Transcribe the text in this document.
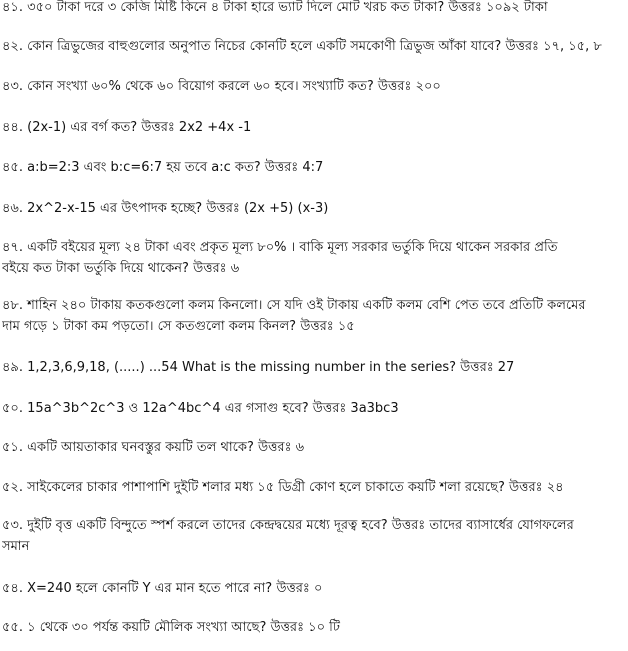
৪১. ৩৫০ টাকা দরে ৩ কেজি মিষ্টি কিনে ৪ টাকা হারে ভ্যাট দিলে মোট খরচ কত টাকা? উত্তরঃ ১০৯২ টাকা
৪২. কোন ত্রিভুজের বাহুগুলোর অনুপাত নিচের কোনটি হলে একটি সমকোণী ত্রিভুজ আঁকা যাবে? উত্তরঃ ১৭, ১৫, ৮
৪৩. কোন সংখ্যা ৬০% থেকে ৬০ বিয়োগ করলে ৬০ হবে। সংখ্যাটি কত? উত্তরঃ ২০০
৪৪. (2x-1) এর বর্গ কত? উত্তরঃ 2x2 +4x -1
৪৫. a:b=2:3 এবং b:c=6:7 হয় তবে a:c কত? উত্তরঃ 4:7
৪৬. 2x^2-x-15 এর উৎপাদক হচ্ছে? উত্তরঃ (2x +5) (x-3)
৪৭. একটি বইয়ের মূল্য ২৪ টাকা এবং প্রকৃত মূল্য ৮০% । বাকি মূল্য সরকার ভর্তুকি দিয়ে থাকেন সরকার প্রতি
বইয়ে কত টাকা ভর্তুকি দিয়ে থাকেন? উত্তরঃ ৬
৪৮. শাহিন ২৪০ টাকায় কতকগুলো কলম কিনলো। সে যদি ওই টাকায় একটি কলম বেশি পেত তবে প্রতিটি কলমের
দাম গড়ে ১ টাকা কম পড়তো। সে কতগুলো কলম কিনল? উত্তরঃ ১৫
৪৯. 1,2,3,6,9,18, (.....) ...54 What is the missing number in the series? উত্তরঃ 27
৫০. 15a^3b^2c^3 ও 12a^4bc^4 এর গসাগু হবে? উত্তরঃ 3a3bc3
৫১. একটি আয়তাকার ঘনবস্তুর কয়টি তল থাকে? উত্তরঃ ৬
৫২. সাইকেলের চাকার পাশাপাশি দুইটি শলার মধ্য ১৫ ডিগ্রী কোণ হলে চাকাতে কয়টি শলা রয়েছে? উত্তরঃ ২৪
৫৩. দুইটি বৃত্ত একটি বিন্দুতে স্পর্শ করলে তাদের কেন্দ্রদ্বয়ের মধ্যে দূরত্ব হবে? উত্তরঃ তাদের ব্যাসার্ধের যোগফলের
সমান
৫৪. X=240 হলে কোনটি Y এর মান হতে পারে না? উত্তরঃ ০
৫৫. ১ থেকে ৩০ পর্যন্ত কয়টি মৌলিক সংখ্যা আছে? উত্তরঃ ১০ টি
